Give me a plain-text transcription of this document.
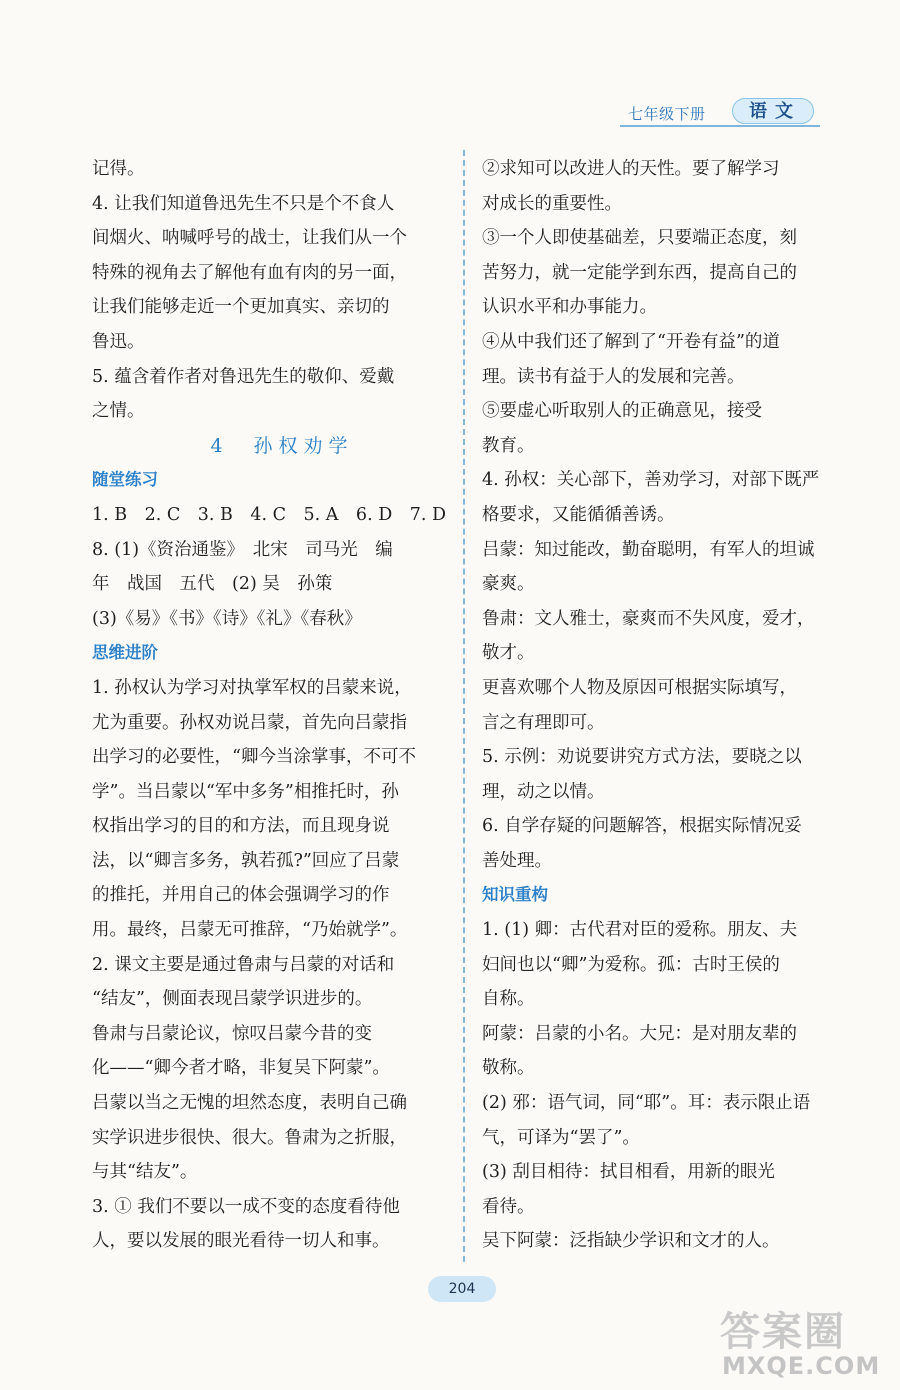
七年级下册	语文
记得。
4. 让我们知道鲁迅先生不只是个不食人
间烟火、呐喊呼号的战士，让我们从一个
特殊的视角去了解他有血有肉的另一面，
让我们能够走近一个更加真实、亲切的
鲁迅。
5. 蕴含着作者对鲁迅先生的敬仰、爱戴
之情。
4　孙权劝学
随堂练习
1. B　2. C　3. B　4. C　5. A　6. D　7. D
8. (1)《资治通鉴》　北宋　司马光　编
年　战国　五代　(2) 吴　孙策
(3)《易》《书》《诗》《礼》《春秋》
思维进阶
1. 孙权认为学习对执掌军权的吕蒙来说，
尤为重要。孙权劝说吕蒙，首先向吕蒙指
出学习的必要性，“卿今当涂掌事，不可不
学”。当吕蒙以“军中多务”相推托时，孙
权指出学习的目的和方法，而且现身说
法，以“卿言多务，孰若孤?”回应了吕蒙
的推托，并用自己的体会强调学习的作
用。最终，吕蒙无可推辞，“乃始就学”。
2. 课文主要是通过鲁肃与吕蒙的对话和
“结友”，侧面表现吕蒙学识进步的。
鲁肃与吕蒙论议，惊叹吕蒙今昔的变
化——“卿今者才略，非复吴下阿蒙”。
吕蒙以当之无愧的坦然态度，表明自己确
实学识进步很快、很大。鲁肃为之折服，
与其“结友”。
3. ① 我们不要以一成不变的态度看待他
人，要以发展的眼光看待一切人和事。
②求知可以改进人的天性。要了解学习
对成长的重要性。
③一个人即使基础差，只要端正态度，刻
苦努力，就一定能学到东西，提高自己的
认识水平和办事能力。
④从中我们还了解到了“开卷有益”的道
理。读书有益于人的发展和完善。
⑤要虚心听取别人的正确意见，接受
教育。
4. 孙权：关心部下，善劝学习，对部下既严
格要求，又能循循善诱。
吕蒙：知过能改，勤奋聪明，有军人的坦诚
豪爽。
鲁肃：文人雅士，豪爽而不失风度，爱才，
敬才。
更喜欢哪个人物及原因可根据实际填写，
言之有理即可。
5. 示例：劝说要讲究方式方法，要晓之以
理，动之以情。
6. 自学存疑的问题解答，根据实际情况妥
善处理。
知识重构
1. (1) 卿：古代君对臣的爱称。朋友、夫
妇间也以“卿”为爱称。孤：古时王侯的
自称。
阿蒙：吕蒙的小名。大兄：是对朋友辈的
敬称。
(2) 邪：语气词，同“耶”。耳：表示限止语
气，可译为“罢了”。
(3) 刮目相待：拭目相看，用新的眼光
看待。
吴下阿蒙：泛指缺少学识和文才的人。
204
答案圈
MXQE.COM
